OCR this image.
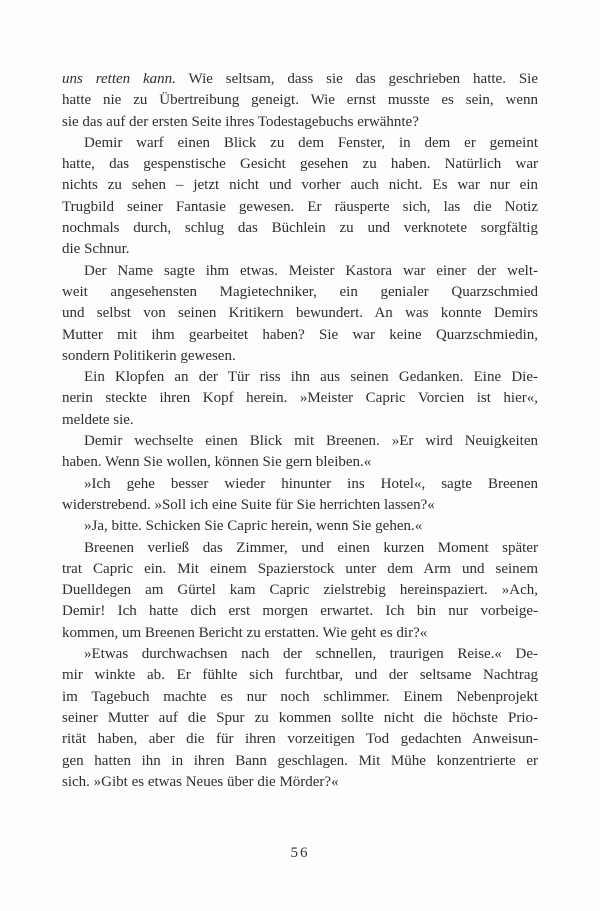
uns retten kann. Wie seltsam, dass sie das geschrieben hatte. Sie
hatte nie zu Übertreibung geneigt. Wie ernst musste es sein, wenn
sie das auf der ersten Seite ihres Todestagebuchs erwähnte?
Demir warf einen Blick zu dem Fenster, in dem er gemeint
hatte, das gespenstische Gesicht gesehen zu haben. Natürlich war
nichts zu sehen – jetzt nicht und vorher auch nicht. Es war nur ein
Trugbild seiner Fantasie gewesen. Er räusperte sich, las die Notiz
nochmals durch, schlug das Büchlein zu und verknotete sorgfältig
die Schnur.
Der Name sagte ihm etwas. Meister Kastora war einer der welt-
weit angesehensten Magietechniker, ein genialer Quarzschmied
und selbst von seinen Kritikern bewundert. An was konnte Demirs
Mutter mit ihm gearbeitet haben? Sie war keine Quarzschmiedin,
sondern Politikerin gewesen.
Ein Klopfen an der Tür riss ihn aus seinen Gedanken. Eine Die-
nerin steckte ihren Kopf herein. »Meister Capric Vorcien ist hier«,
meldete sie.
Demir wechselte einen Blick mit Breenen. »Er wird Neuigkeiten
haben. Wenn Sie wollen, können Sie gern bleiben.«
»Ich gehe besser wieder hinunter ins Hotel«, sagte Breenen
widerstrebend. »Soll ich eine Suite für Sie herrichten lassen?«
»Ja, bitte. Schicken Sie Capric herein, wenn Sie gehen.«
Breenen verließ das Zimmer, und einen kurzen Moment später
trat Capric ein. Mit einem Spazierstock unter dem Arm und seinem
Duelldegen am Gürtel kam Capric zielstrebig hereinspaziert. »Ach,
Demir! Ich hatte dich erst morgen erwartet. Ich bin nur vorbeige-
kommen, um Breenen Bericht zu erstatten. Wie geht es dir?«
»Etwas durchwachsen nach der schnellen, traurigen Reise.« De-
mir winkte ab. Er fühlte sich furchtbar, und der seltsame Nachtrag
im Tagebuch machte es nur noch schlimmer. Einem Nebenprojekt
seiner Mutter auf die Spur zu kommen sollte nicht die höchste Prio-
rität haben, aber die für ihren vorzeitigen Tod gedachten Anweisun-
gen hatten ihn in ihren Bann geschlagen. Mit Mühe konzentrierte er
sich. »Gibt es etwas Neues über die Mörder?«
56
